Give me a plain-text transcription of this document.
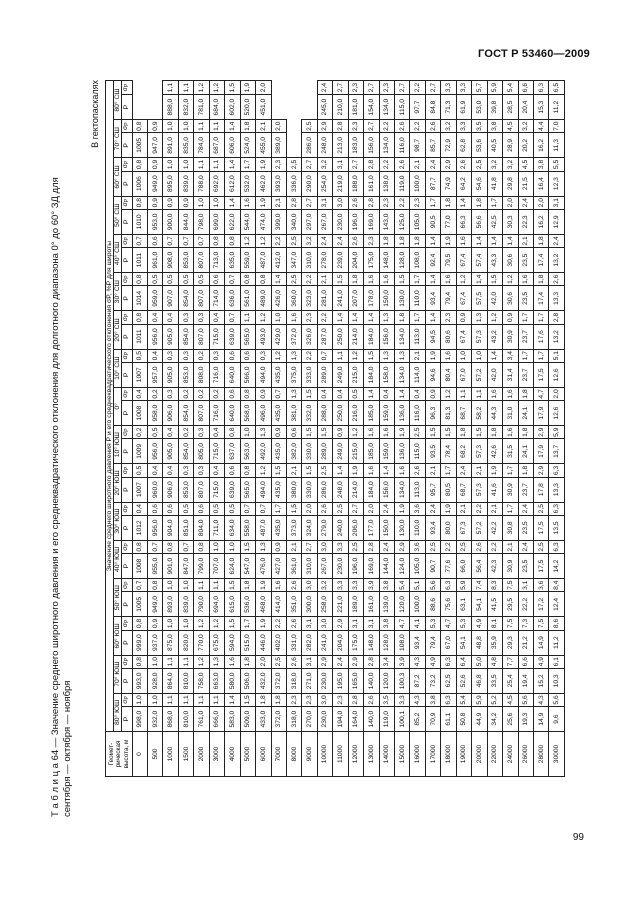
ГОСТ Р 53460—2009
Т а б л и ц а 64 — Значение среднего широтного давления и его среднеквадратического отклонения для долготного диапазона 0° до 60° ЗД для сентября — октября — ноября
В гектопаскалях
Геомет-рическая высота, м	Значение среднего широтного давления P и его среднеквадратического отклонения σP, %P для широты																																	
	80° ЮШ		70° ЮШ		60° ЮШ		50° ЮШ		40° ЮШ		30° ЮШ		20° ЮШ		10° ЮШ		0°		10° СШ		20° СШ		30° СШ		40° СШ		50° СШ		60° СШ		70° СШ		80° СШ	
	P	$\sigma_P$	P	$\sigma_P$	P	$\sigma_P$	P	$\sigma_P$	P	$\sigma_P$	P	$\sigma_P$	P	$\sigma_P$	P	$\sigma_P$	P	$\sigma_P$	P	$\sigma_P$	P	$\sigma_P$	P	$\sigma_P$	P	$\sigma_P$	P	$\sigma_P$	P	$\sigma_P$	P	$\sigma_P$	P	$\sigma_P$
0	998,0	1,0	993,0	0,8	999,0	0,8	1005	0,7	1008	0,8	1012	0,4	1007	0,5	1009	0,2	1008	0,4	1007	0,5	1011	0,8	1014	0,8	1011	0,7	1010	0,8	1006	0,8	1005	0,8		
500	932,0	1,0	928,0	1,0	937,0	0,9	949,0	0,8	955,0	0,7	956,0	0,6	960,0	0,4	956,0	0,5	958,0	0,2	957,0	0,4	956,0	0,4	959,0	0,5	961,0	0,6	953,0	0,9	949,0	0,9	947,0	0,9		
1000	868,0	1,1	864,0	1,1	875,0	1,0	893,0	1,0	901,0	0,8	904,0	0,6	906,0	0,4	905,0	0,4	906,0	0,3	905,0	0,3	905,0	0,4	907,0	0,5	908,0	0,7	900,0	0,9	895,0	1,0	891,0	1,0	888,0	1,1
1500	810,0	1,1	810,0	1,1	820,0	1,0	839,0	1,0	847,0	0,7	851,0	0,5	853,0	0,3	854,0	0,2	854,0	0,2	853,0	0,3	854,0	0,3	854,0	0,5	853,0	0,7	844,0	0,9	839,0	1,0	835,0	1,0	832,0	1,1
2000	761,0	1,1	758,0	1,2	770,0	1,2	790,0	1,1	799,0	0,8	804,0	0,6	807,0	0,3	805,0	0,3	807,0	0,2	808,0	0,2	807,0	0,3	807,0	0,5	807,0	0,7	798,0	1,0	788,0	1,1	784,0	1,1	781,0	1,2
3000	666,0	1,1	663,0	1,3	675,0	1,2	694,0	1,1	707,0	1,0	711,0	0,5	715,0	0,4	715,0	0,4	716,0	0,2	716,0	0,3	715,0	0,4	714,0	0,6	713,0	0,8	699,0	1,0	692,0	1,1	687,0	1,1	684,0	1,2
4000	583,0	1,4	580,0	1,6	594,0	1,5	615,0	1,5	624,0	1,0	634,0	0,5	639,0	0,6	637,0	0,8	640,0	0,6	640,0	0,6	639,0	0,7	636,0	0,7	635,0	0,8	622,0	1,4	612,0	1,4	606,0	1,4	602,0	1,5
5000	509,0	1,5	506,0	1,8	515,0	1,7	536,0	1,8	547,0	1,5	558,0	0,7	565,0	0,8	563,0	1,0	568,0	0,8	566,0	0,6	565,0	1,1	561,0	0,8	559,0	1,2	544,0	1,6	532,0	1,7	524,0	1,8	520,0	1,9
6000	433,0	1,8	432,0	2,0	446,0	1,9	468,0	1,9	476,0	1,3	487,0	0,7	494,0	1,2	492,0	1,3	496,0	0,9	494,0	0,3	493,0	1,2	489,0	0,8	487,0	1,2	474,0	1,9	462,0	1,9	455,0	2,1	451,0	2,0
7000	372,0	1,8	372,0	2,5	402,0	2,2	414,0	1,6	427,0	0,9	435,0	1,7	435,0	1,5	435,0	0,9	435,0	0,7	435,0	1,2	429,0	1,0	426,0	1,4	412,0	2,2	399,0	2,1	393,0	2,3	389,0	2,0		
8000	318,0	2,3	318,0	2,6	331,0	2,6	351,0	2,6	361,0	2,1	373,0	1,5	380,0	2,1	382,0	0,6	381,0	1,3	375,0	1,3	372,0	1,6	360,0	2,5	347,0	2,5	340,0	2,8	336,0	2,5				
9000	270,0	2,3	271,0	3,1	282,0	3,1	300,0	3,0	310,0	2,7	324,0	2,0	330,0	1,5	330,0	1,5	332,0	1,5	333,0	2,2	326,0	2,3	323,0	2,2	310,0	3,2	297,0	2,7	290,0	2,7	286,0	2,5		
10000	230,0	3,0	230,0	2,9	241,0	3,0	258,0	3,2	267,0	3,0	279,0	2,6	286,0	2,5	289,0	1,5	288,0	0,4	289,0	0,7	287,0	2,2	281,0	2,1	278,0	2,4	267,0	3,1	254,0	3,2	248,0	2,9	245,0	2,4
11000	194,0	2,3	195,0	2,4	204,0	2,9	221,0	3,3	230,0	3,3	240,0	2,5	248,0	1,4	249,0	0,9	250,0	0,4	249,0	1,1	250,0	1,4	241,0	1,5	239,0	2,4	230,0	3,0	219,0	3,1	213,0	2,8	210,0	2,7
12000	164,0	2,8	165,0	2,9	175,0	3,1	189,0	3,3	196,0	2,5	206,0	2,7	214,0	1,9	215,0	1,2	216,0	0,5	215,0	1,2	214,0	1,4	207,0	1,8	204,0	2,6	196,0	2,6	188,0	2,7	183,0	2,3	181,0	2,3
13000	140,0	2,6	140,0	2,8	148,0	3,1	161,0	3,9	169,0	2,8	177,0	2,0	184,0	1,6	185,0	1,6	185,0	1,4	184,0	1,5	184,0	1,4	178,0	1,6	175,0	2,3	169,0	2,8	161,0	2,8	156,0	2,7	154,0	2,7
14000	119,0	3,5	120,0	3,4	128,0	3,8	139,0	3,8	144,0	2,4	150,0	2,4	156,0	1,4	159,0	1,6	159,0	0,4	158,0	1,3	156,0	1,3	150,0	1,6	148,0	1,8	143,0	2,3	138,0	2,2	134,0	2,2	134,0	2,3
15000	100,1	3,3	100,3	3,9	108,0	4,7	120,0	5,4	124,0	2,9	130,0	1,9	134,0	1,6	136,0	1,9	136,0	1,4	134,0	1,3	134,0	1,8	130,0	1,5	128,0	1,8	125,0	2,2	119,0	2,6	116,0	2,6	115,0	2,7
16000	85,2	4,3	87,2	4,3	93,4	4,1	100,0	5,1	105,0	3,6	110,0	3,6	113,0	2,6	115,0	2,5	116,0	0,4	114,0	2,1	113,0	1,7	110,0	1,7	108,0	1,8	105,0	2,3	100,0	2,1	98,7	2,2	97,7	2,2
17000	70,9	3,8	73,2	4,9	79,4	5,3	88,6	5,6	90,7	2,5	93,4	2,4	95,7	2,1	93,5	1,5	96,3	0,9	94,6	1,9	94,5	1,4	93,4	1,4	92,4	1,4	90,5	1,7	87,7	2,4	85,7	2,6	84,8	2,7
18000	61,1	6,3	62,5	6,3	67,0	4,7	75,6	6,3	77,6	2,2	80,0	1,9	80,5	1,7	78,4	1,5	81,3	1,2	80,4	1,6	80,6	2,3	79,4	1,6	79,5	1,9	77,0	1,8	74,9	2,9	72,9	3,2	71,3	3,3
19000	50,8	5,4	52,6	6,4	54,1	5,3	63,1	5,9	66,0	2,5	67,3	2,1	68,7	2,4	68,2	1,8	68,7	1,1	67,0	1,0	67,4	0,9	67,4	1,2	67,4	1,6	66,3	1,4	64,2	2,6	62,8	3,3	61,9	3,3
20000	44,9	5,9	46,8	5,0	48,8	4,9	54,1	7,4	56,4	2,6	57,2	2,2	57,3	2,1	57,3	1,5	58,2	1,1	57,2	1,0	57,3	1,3	57,5	1,4	57,4	1,4	56,6	1,8	54,6	2,5	53,6	3,5	53,0	5,7
22000	34,2	5,2	33,5	4,8	35,9	8,1	41,5	8,3	42,3	2,2	42,2	2,1	41,6	1,9	42,6	1,8	44,3	1,6	42,0	1,4	43,2	1,2	42,0	1,5	43,3	1,4	42,5	1,7	41,8	3,2	40,5	3,8	39,8	5,9
24000	25,6	4,5	25,4	7,7	29,3	7,5	29,5	7,5	30,9	2,1	30,8	1,7	30,9	1,7	31,5	1,6	31,0	1,6	31,4	3,4	30,9	0,9	30,6	1,2	30,6	1,4	30,3	2,0	29,8	3,2	28,9	4,5	28,5	5,4
26000	19,3	5,6	19,4	6,6	21,2	7,3	22,2	3,1	23,5	2,4	23,5	2,4	23,7	1,8	24,1	1,8	24,1	1,8	23,7	1,7	23,7	1,7	23,5	1,6	23,5	2,1	22,3	2,4	21,5	4,5	20,2	3,2	20,4	6,6
28000	14,9	4,3	15,2	4,9	14,9	7,5	17,2	3,6	17,5	2,5	17,5	2,5	17,8	2,9	17,9	2,9	17,9	4,7	17,5	1,7	17,6	1,7	17,4	1,8	17,4	1,8	16,2	2,0	16,4	3,8	16,2	4,4	15,3	6,3
30000	9,6	5,6	10,3	6,1	11,2	8,6	12,4	8,4	14,2	6,3	13,5	6,3	13,3	6,3	13,7	5,9	12,6	2,0	12,6	5,1	13,2	2,8	13,3	2,6	13,2	2,4	12,9	3,1	12,3	5,5	11,3	7,0	11,2	6,5
99
